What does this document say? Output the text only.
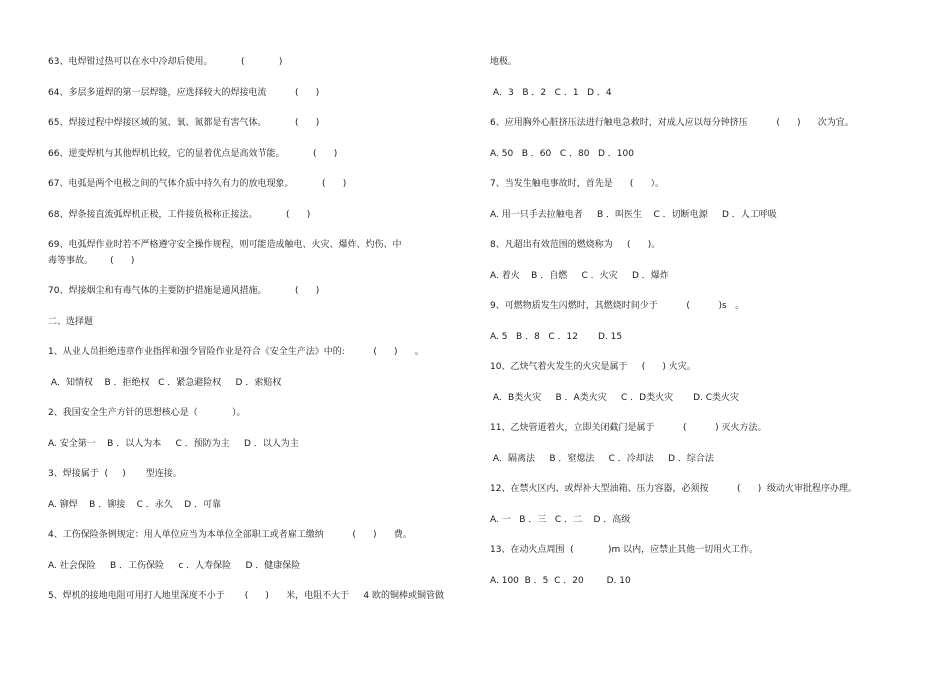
63、电焊钳过热可以在水中冷却后使用。          (            )
64、多层多道焊的第一层焊缝，应选择较大的焊接电流          (      )
65、焊接过程中焊接区域的氢、氧、氮都是有害气体。          (      )
66、逆变焊机与其他焊机比较，它的显着优点是高效节能。          (      )
67、电弧是两个电极之间的气体介质中持久有力的放电现象。          (      )
68、焊条接直流弧焊机正极，工件接负极称正接法。          (      )
69、电弧焊作业时若不严格遵守安全操作规程，则可能造成触电、火灾、爆炸、灼伤、中
毒等事故。      (      )
70、焊接烟尘和有毒气体的主要防护措施是通风措施。          (      )
二、选择题
1、从业人员拒绝违章作业指挥和强令冒险作业是符合《安全生产法》中的:          (      )      。
A．知情权    B ．拒绝权   C ．紧急避险权     D ．索赔权
2、我国安全生产方针的思想核心是（            ）。
A. 安全第一    B ．以人为本     C ．预防为主     D ．以人为主
3、焊接属于  (     )       型连接。
A. 铆焊    B ．铆接    C ．永久    D ．可靠
4、工伤保险条例规定：用人单位应当为本单位全部职工或者雇工缴纳          (      )      费。
A. 社会保险     B ．工伤保险     c ．人寿保险     D ．健康保险
5、焊机的接地电阻可用打人地里深度不小于       (      )      米，电阻不大于     4 欧的铜棒或铜管做
地极。
A．3   B ．2   C ．1   D ．4
6、应用胸外心脏挤压法进行触电急救时，对成人应以每分钟挤压          (      )      次为宜。
A. 50   B ．60   C ．80   D ．100
7、当发生触电事故时，首先是      (      ）。
A. 用一只手去拉触电者     B ．叫医生    C ．切断电源     D ．人工呼吸
8、凡超出有效范围的燃烧称为     (      )。
A. 着火    B ．自燃     C ．火灾     D ．爆炸
9、可燃物质发生闪燃时，其燃烧时间少于          (          )s   。
A. 5   B ．8   C ．12       D. 15
10、乙炔气着火发生的火灾是属于     (      ) 火灾。
A．B类火灾     B ．A类火灾     C ．D类火灾       D. C类火灾
11、乙炔管道着火，立即关闭截门是属于          (          ) 灭火方法。
A．隔离法     B ．窒熄法     C ．冷却法     D ．综合法
12、在禁火区内、或焊补大型油箱、压力容器，必须按          (      )  级动火审批程序办理。
A. 一   B ．三   C ．二    D ．高级
13、在动火点周围  (            )m 以内，应禁止其他一切用火工作。
A. 100  B ．5  C ．20        D. 10
